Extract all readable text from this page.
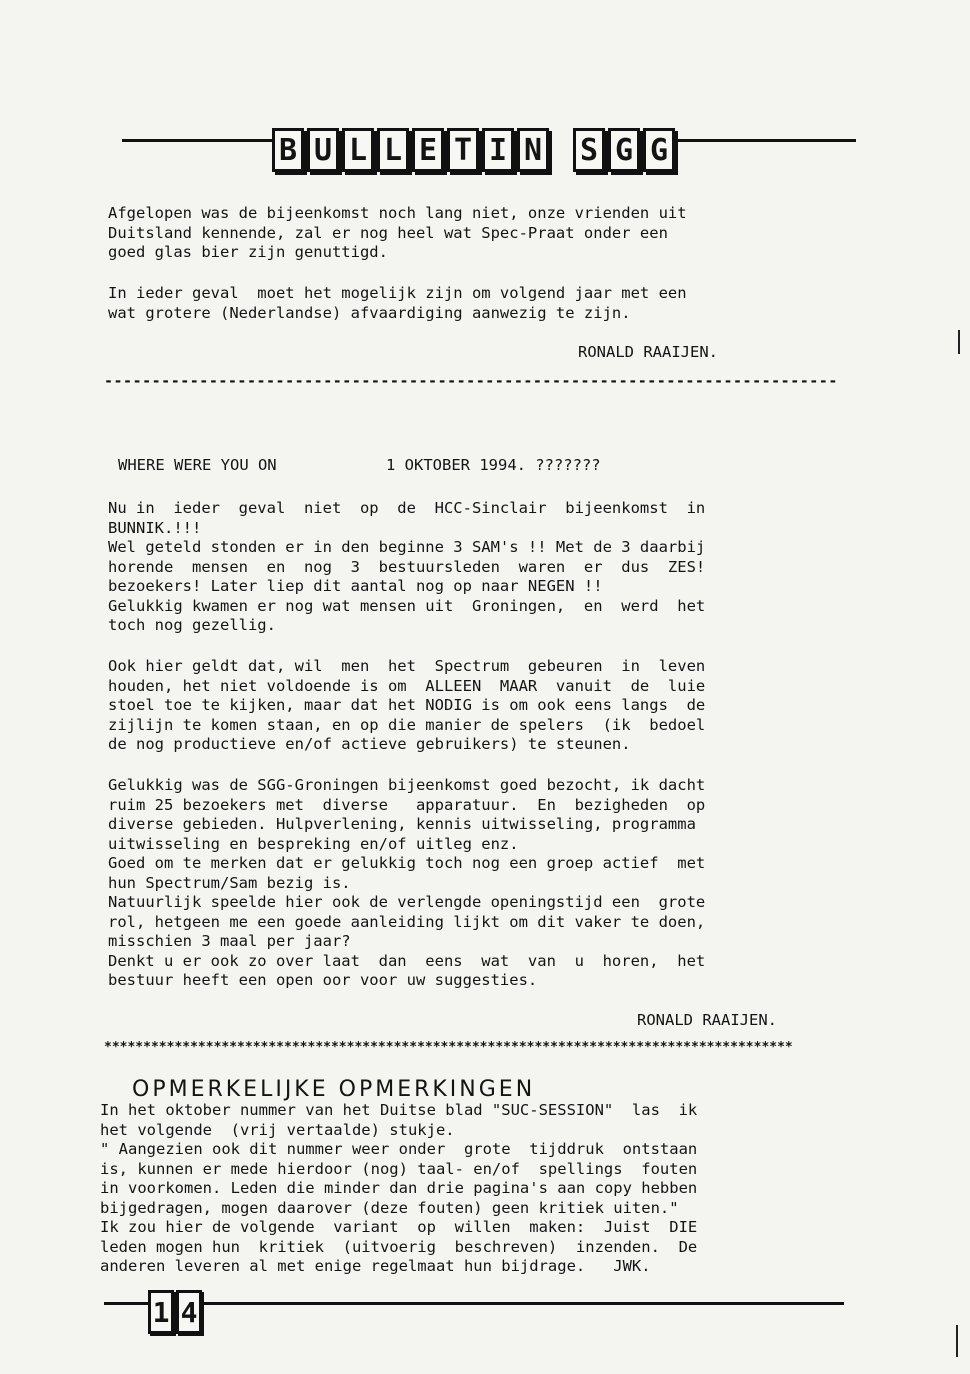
B U L L E T I N S G G
Afgelopen was de bijeenkomst noch lang niet, onze vrienden uit
Duitsland kennende, zal er nog heel wat Spec-Praat onder een
goed glas bier zijn genuttigd.
In ieder geval  moet het mogelijk zijn om volgend jaar met een
wat grotere (Nederlandse) afvaardiging aanwezig te zijn.
RONALD RAAIJEN.
-----------------------------------------------------------------------------
WHERE WERE YOU ON	1 OKTOBER 1994. ???????
Nu in  ieder  geval  niet  op  de  HCC-Sinclair  bijeenkomst  in
BUNNIK.!!!
Wel geteld stonden er in den beginne 3 SAM's !! Met de 3 daarbij
horende  mensen  en  nog  3  bestuursleden  waren  er  dus  ZES!
bezoekers! Later liep dit aantal nog op naar NEGEN !!
Gelukkig kwamen er nog wat mensen uit  Groningen,  en  werd  het
toch nog gezellig.
Ook hier geldt dat, wil  men  het  Spectrum  gebeuren  in  leven
houden, het niet voldoende is om  ALLEEN  MAAR  vanuit  de  luie
stoel toe te kijken, maar dat het NODIG is om ook eens langs  de
zijlijn te komen staan, en op die manier de spelers  (ik  bedoel
de nog productieve en/of actieve gebruikers) te steunen.
Gelukkig was de SGG-Groningen bijeenkomst goed bezocht, ik dacht
ruim 25 bezoekers met  diverse   apparatuur.  En  bezigheden  op
diverse gebieden. Hulpverlening, kennis uitwisseling, programma
uitwisseling en bespreking en/of uitleg enz.
Goed om te merken dat er gelukkig toch nog een groep actief  met
hun Spectrum/Sam bezig is.
Natuurlijk speelde hier ook de verlengde openingstijd een  grote
rol, hetgeen me een goede aanleiding lijkt om dit vaker te doen,
misschien 3 maal per jaar?
Denkt u er ook zo over laat  dan  eens  wat  van  u  horen,  het
bestuur heeft een open oor voor uw suggesties.
RONALD RAAIJEN.
****************************************************************************************
OPMERKELIJKE OPMERKINGEN
In het oktober nummer van het Duitse blad "SUC-SESSION"  las  ik
het volgende  (vrij vertaalde) stukje.
" Aangezien ook dit nummer weer onder  grote  tijddruk  ontstaan
is, kunnen er mede hierdoor (nog) taal- en/of  spellings  fouten
in voorkomen. Leden die minder dan drie pagina's aan copy hebben
bijgedragen, mogen daarover (deze fouten) geen kritiek uiten."
Ik zou hier de volgende  variant  op  willen  maken:  Juist  DIE
leden mogen hun  kritiek  (uitvoerig  beschreven)  inzenden.  De
anderen leveren al met enige regelmaat hun bijdrage.   JWK.
1 4
